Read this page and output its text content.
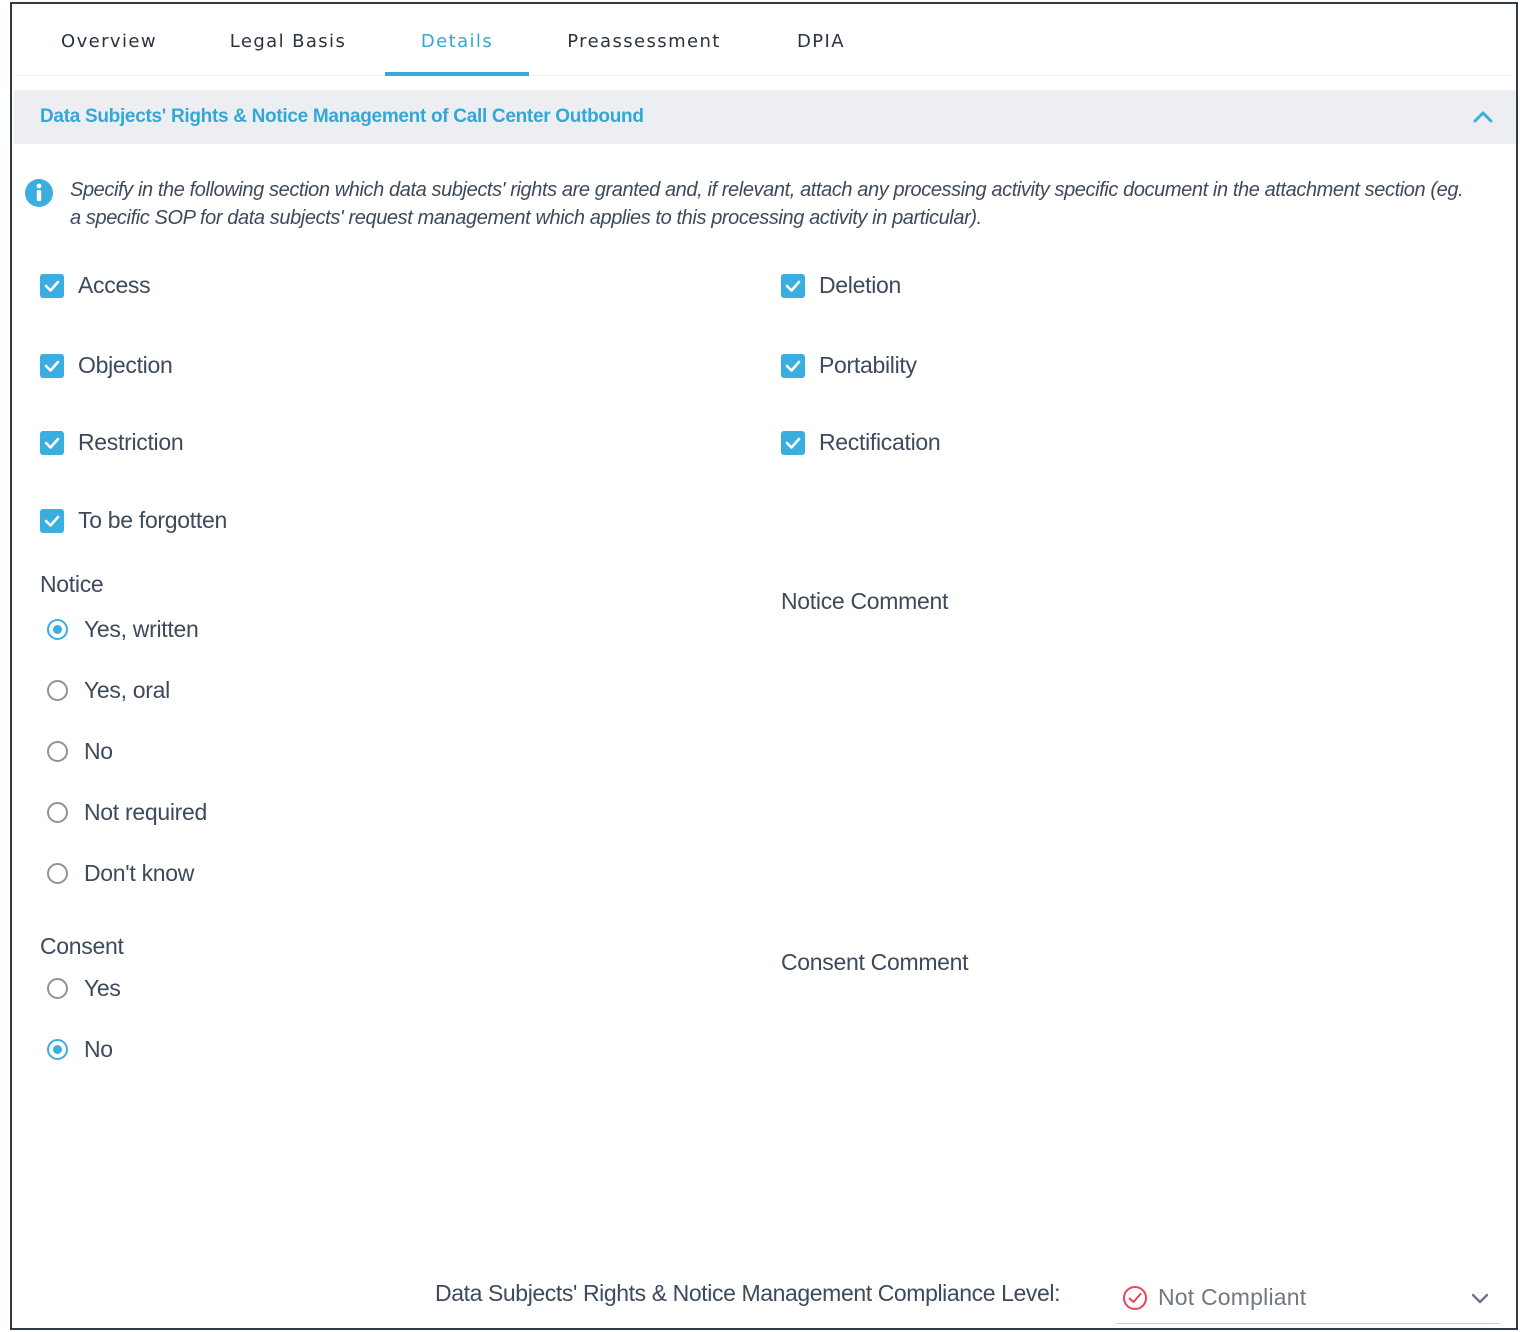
Overview	Legal Basis	Details	Preassessment	DPIA
Data Subjects' Rights & Notice Management of Call Center Outbound
Specify in the following section which data subjects' rights are granted and, if relevant, attach any processing activity specific document in the attachment section (eg. a specific SOP for data subjects' request management which applies to this processing activity in particular).
Access
Objection
Restriction
To be forgotten
Deletion
Portability
Rectification
Notice
Notice Comment
Yes, written
Yes, oral
No
Not required
Don't know
Consent
Consent Comment
Yes
No
Data Subjects' Rights & Notice Management Compliance Level:	Not Compliant
